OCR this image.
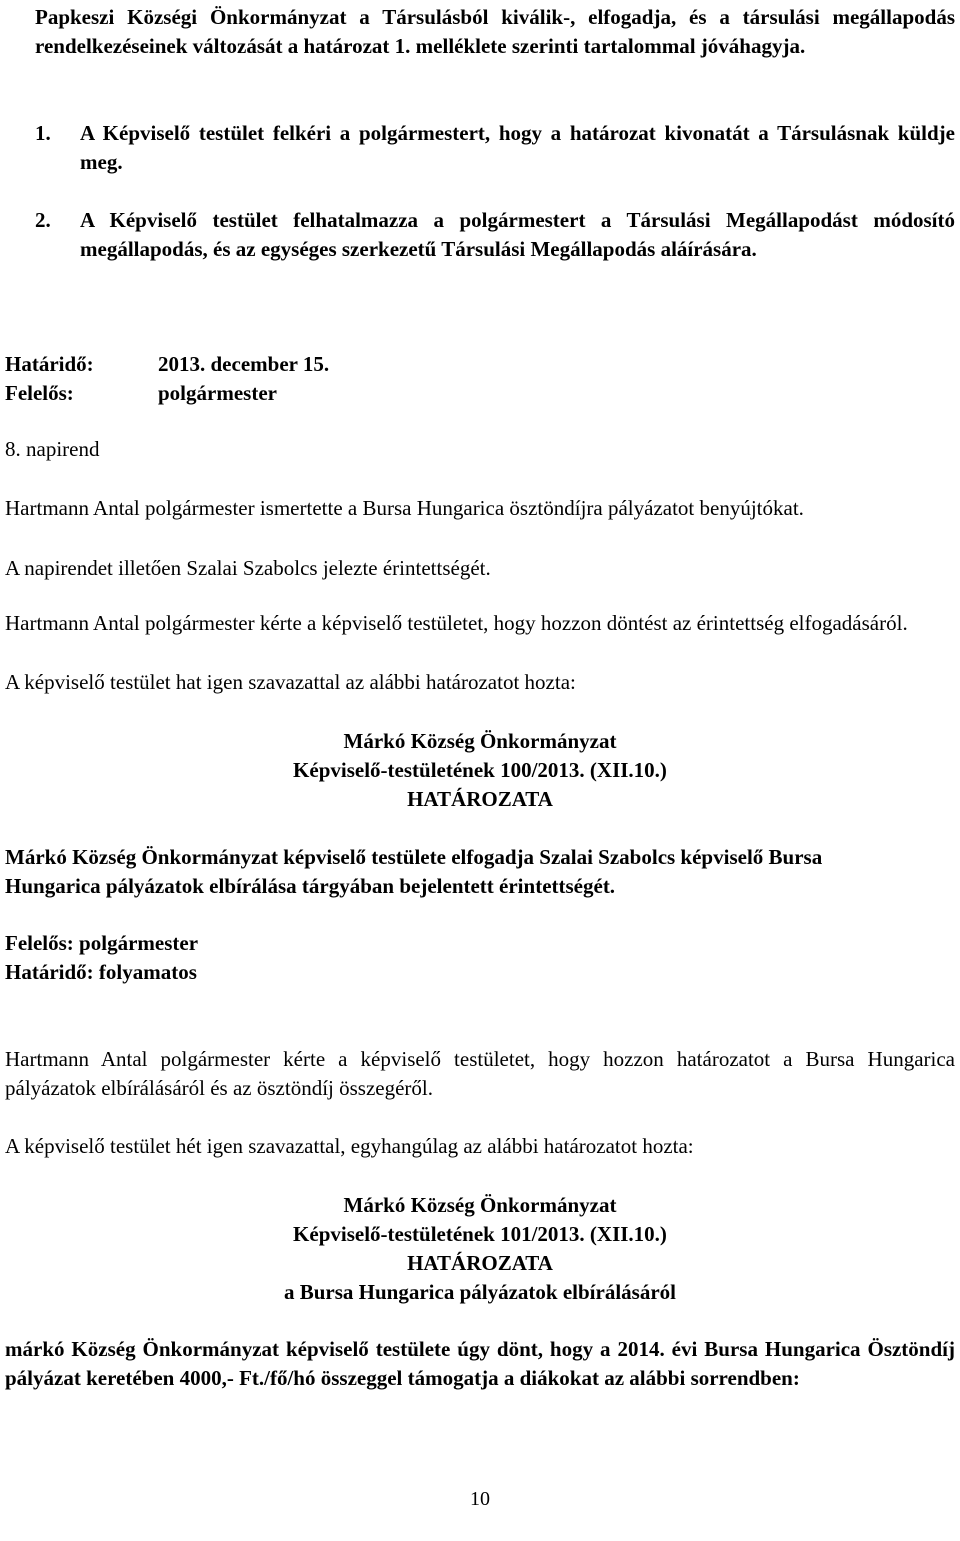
Papkeszi Községi Önkormányzat a Társulásból kiválik-, elfogadja, és a társulási megállapodás rendelkezéseinek változását a határozat 1. melléklete szerinti tartalommal jóváhagyja.

1. A Képviselő testület felkéri a polgármestert, hogy a határozat kivonatát a Társulásnak küldje meg.

2. A Képviselő testület felhatalmazza a polgármestert a Társulási Megállapodást módosító megállapodás, és az egységes szerkezetű Társulási Megállapodás aláírására.

Határidő:	2013. december 15.
Felelős:	polgármester

8. napirend

Hartmann Antal polgármester ismertette a Bursa Hungarica ösztöndíjra pályázatot benyújtókat.

A napirendet illetően Szalai Szabolcs jelezte érintettségét.

Hartmann Antal polgármester kérte a képviselő testületet, hogy hozzon döntést az érintettség elfogadásáról.

A képviselő testület hat igen szavazattal az alábbi határozatot hozta:

Márkó Község Önkormányzat
Képviselő-testületének 100/2013. (XII.10.)
HATÁROZATA

Márkó Község Önkormányzat képviselő testülete elfogadja Szalai Szabolcs képviselő Bursa Hungarica pályázatok elbírálása tárgyában bejelentett érintettségét.

Felelős: polgármester

Határidő: folyamatos

Hartmann Antal polgármester kérte a képviselő testületet, hogy hozzon határozatot a Bursa Hungarica pályázatok elbírálásáról és az ösztöndíj összegéről.

A képviselő testület hét igen szavazattal, egyhangúlag az alábbi határozatot hozta:

Márkó Község Önkormányzat
Képviselő-testületének 101/2013. (XII.10.)
HATÁROZATA
a Bursa Hungarica pályázatok elbírálásáról

márkó Község Önkormányzat képviselő testülete úgy dönt, hogy a 2014. évi Bursa Hungarica Ösztöndíj pályázat keretében 4000,- Ft./fő/hó összeggel támogatja a diákokat az alábbi sorrendben:

10
